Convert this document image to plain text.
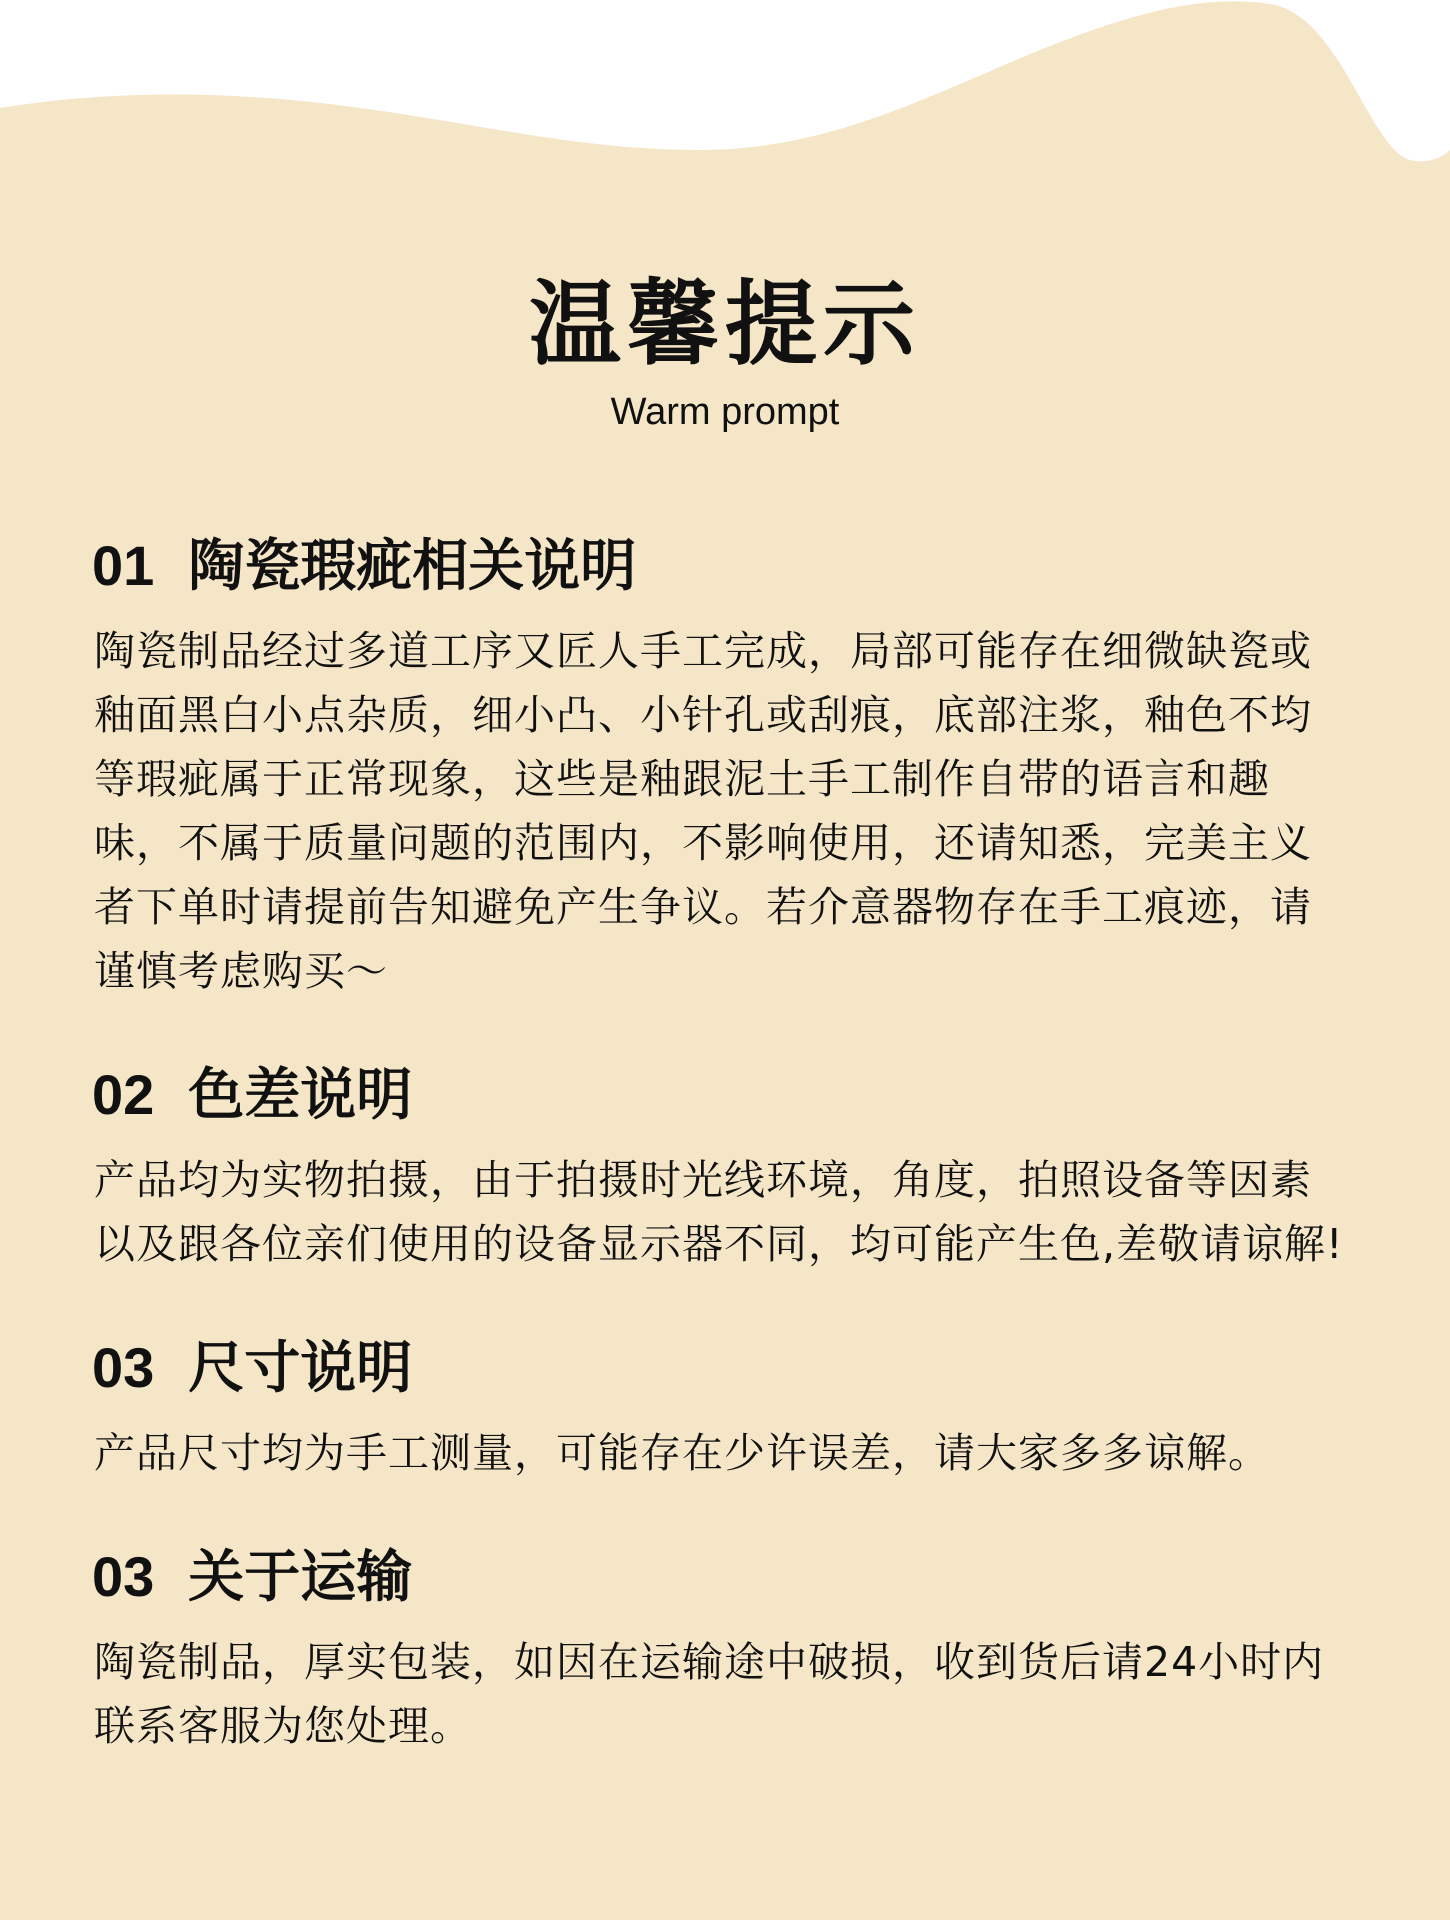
温馨提示
Warm prompt
01 陶瓷瑕疵相关说明

陶瓷制品经过多道工序又匠人手工完成，局部可能存在细微缺瓷或釉面黑白小点杂质，细小凸、小针孔或刮痕，底部注浆，釉色不均等瑕疵属于正常现象，这些是釉跟泥土手工制作自带的语言和趣味，不属于质量问题的范围内，不影响使用，还请知悉，完美主义者下单时请提前告知避免产生争议。若介意器物存在手工痕迹，请谨慎考虑购买～

02 色差说明

产品均为实物拍摄，由于拍摄时光线环境，角度，拍照设备等因素以及跟各位亲们使用的设备显示器不同，均可能产生色,差敬请谅解!

03 尺寸说明

产品尺寸均为手工测量，可能存在少许误差，请大家多多谅解。

03 关于运输

陶瓷制品，厚实包装，如因在运输途中破损，收到货后请24小时内联系客服为您处理。
